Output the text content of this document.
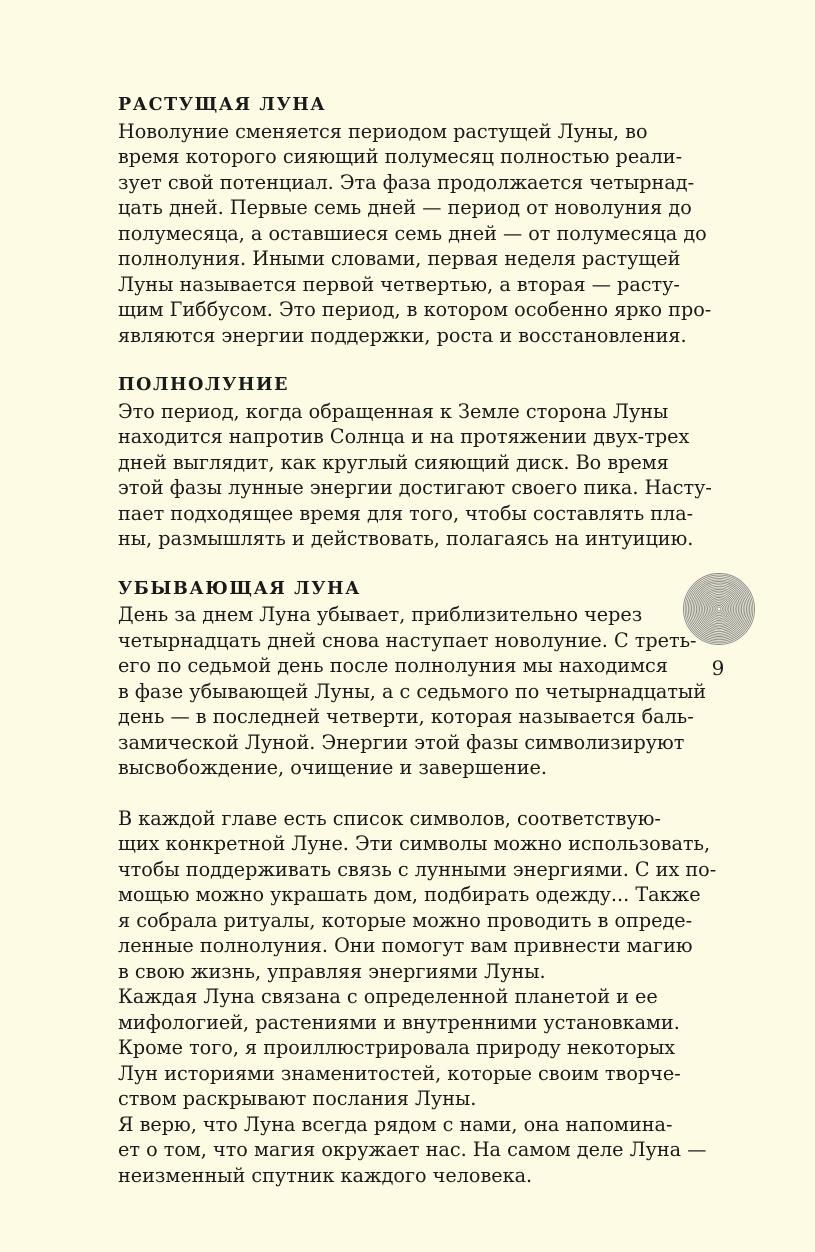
РАСТУЩАЯ ЛУНА
Новолуние сменяется периодом растущей Луны, во
время которого сияющий полумесяц полностью реали-
зует свой потенциал. Эта фаза продолжается четырнад-
цать дней. Первые семь дней — период от новолуния до
полумесяца, а оставшиеся семь дней — от полумесяца до
полнолуния. Иными словами, первая неделя растущей
Луны называется первой четвертью, а вторая — расту-
щим Гиббусом. Это период, в котором особенно ярко про-
являются энергии поддержки, роста и восстановления.
ПОЛНОЛУНИЕ
Это период, когда обращенная к Земле сторона Луны
находится напротив Солнца и на протяжении двух-трех
дней выглядит, как круглый сияющий диск. Во время
этой фазы лунные энергии достигают своего пика. Насту-
пает подходящее время для того, чтобы составлять пла-
ны, размышлять и действовать, полагаясь на интуицию.
УБЫВАЮЩАЯ ЛУНА
День за днем Луна убывает, приблизительно через
четырнадцать дней снова наступает новолуние. С треть-
его по седьмой день после полнолуния мы находимся
в фазе убывающей Луны, а с седьмого по четырнадцатый
день — в последней четверти, которая называется баль-
замической Луной. Энергии этой фазы символизируют
высвобождение, очищение и завершение.
В каждой главе есть список символов, соответствую-
щих конкретной Луне. Эти символы можно использовать,
чтобы поддерживать связь с лунными энергиями. С их по-
мощью можно украшать дом, подбирать одежду... Также
я собрала ритуалы, которые можно проводить в опреде-
ленные полнолуния. Они помогут вам привнести магию
в свою жизнь, управляя энергиями Луны.
Каждая Луна связана с определенной планетой и ее
мифологией, растениями и внутренними установками.
Кроме того, я проиллюстрировала природу некоторых
Лун историями знаменитостей, которые своим творче-
ством раскрывают послания Луны.
Я верю, что Луна всегда рядом с нами, она напомина-
ет о том, что магия окружает нас. На самом деле Луна —
неизменный спутник каждого человека.
9
